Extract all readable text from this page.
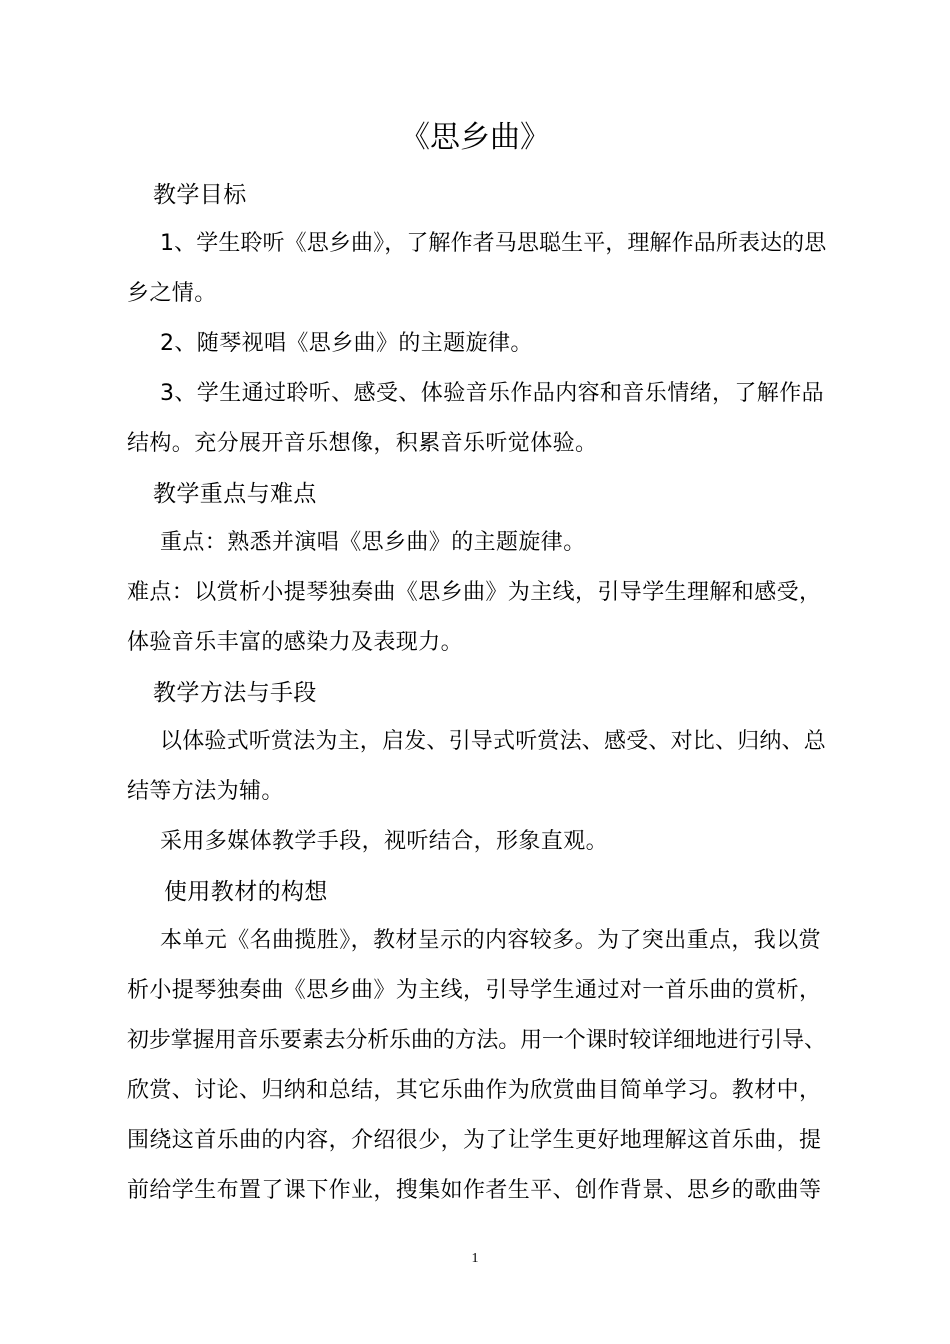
《思乡曲》
教学目标
1、学生聆听《思乡曲》，了解作者马思聪生平，理解作品所表达的思
乡之情。
2、随琴视唱《思乡曲》的主题旋律。
3、学生通过聆听、感受、体验音乐作品内容和音乐情绪，了解作品
结构。充分展开音乐想像，积累音乐听觉体验。
教学重点与难点
重点：熟悉并演唱《思乡曲》的主题旋律。
难点：以赏析小提琴独奏曲《思乡曲》为主线，引导学生理解和感受，
体验音乐丰富的感染力及表现力。
教学方法与手段
以体验式听赏法为主，启发、引导式听赏法、感受、对比、归纳、总
结等方法为辅。
采用多媒体教学手段，视听结合，形象直观。
使用教材的构想
本单元《名曲揽胜》，教材呈示的内容较多。为了突出重点，我以赏
析小提琴独奏曲《思乡曲》为主线，引导学生通过对一首乐曲的赏析，
初步掌握用音乐要素去分析乐曲的方法。用一个课时较详细地进行引导、
欣赏、讨论、归纳和总结，其它乐曲作为欣赏曲目简单学习。教材中，
围绕这首乐曲的内容，介绍很少，为了让学生更好地理解这首乐曲，提
前给学生布置了课下作业，搜集如作者生平、创作背景、思乡的歌曲等
1
